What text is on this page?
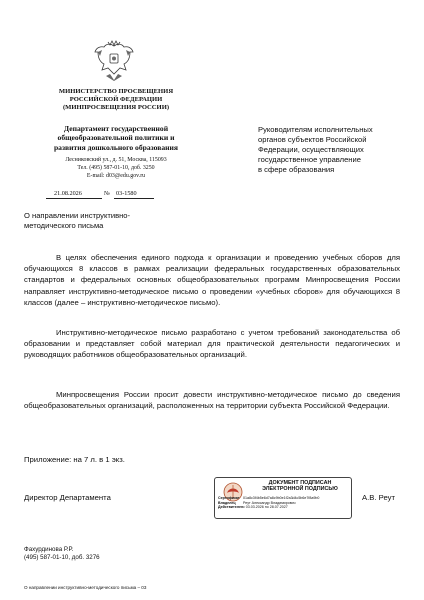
МИНИСТЕРСТВО ПРОСВЕЩЕНИЯ
РОССИЙСКОЙ ФЕДЕРАЦИИ
(МИНПРОСВЕЩЕНИЯ РОССИИ)
Департамент государственной
общеобразовательной политики и
развития дошкольного образования
Лесниковский ул., д. 51, Москва, 115093
Тел. (495) 587-01-10, доб. 3250
E-mail: d03@edu.gov.ru
21.08.2026	№ 03-1580
Руководителям исполнительных
органов субъектов Российской
Федерации, осуществляющих
государственное управление
в сфере образования
О направлении инструктивно-
методического письма

В целях обеспечения единого подхода к организации и проведению учебных сборов для обучающихся 8 классов в рамках реализации федеральных государственных образовательных стандартов и федеральных основных общеобразовательных программ Минпросвещения России направляет инструктивно-методическое письмо о проведении «учебных сборов» для обучающихся 8 классов (далее – инструктивно-методическое письмо).

Инструктивно-методическое письмо разработано с учетом требований законодательства об образовании и представляет собой материал для практической деятельности педагогических и руководящих работников общеобразовательных организаций.

Минпросвещения России просит довести инструктивно-методическое письмо до сведения общеобразовательных организаций, расположенных на территории субъекта Российской Федерации.

Приложение: на 7 л. в 1 экз.
Директор Департамента	А.В. Реут
ДОКУМЕНТ ПОДПИСАН
ЭЛЕКТРОННОЙ ПОДПИСЬЮ
Сертификат 01a8c3f4b5e6d7a8c9b0e1f2a3d4c5b6e7f8a9b0
Владелец Реут Александр Владимирович
Действителен с 03.03.2026 по 28.07.2027
Фахурдинова Р.Р.
(495) 587-01-10, доб. 3276
О направлении инструктивно-методического письма – 03
